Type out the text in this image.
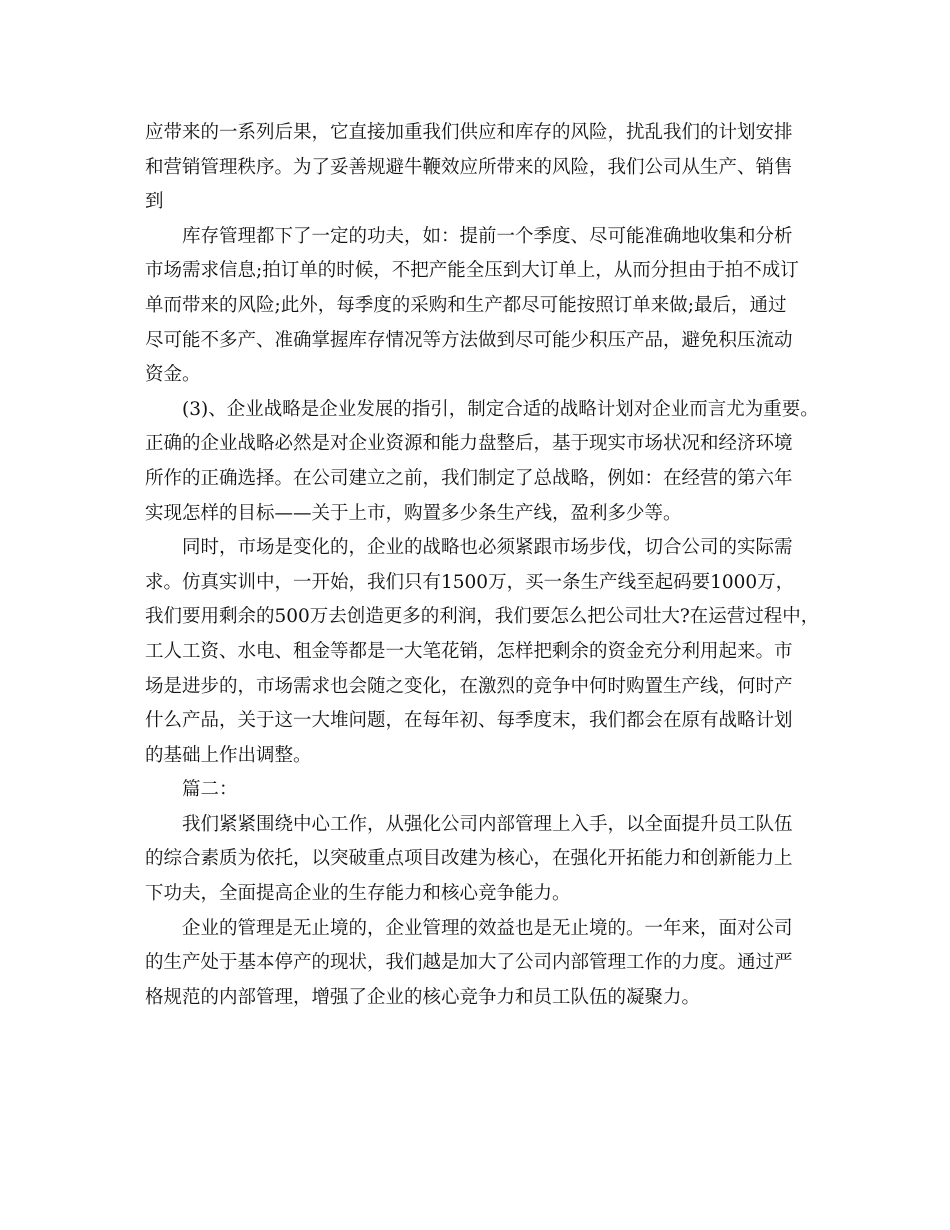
应带来的一系列后果，它直接加重我们供应和库存的风险，扰乱我们的计划安排
和营销管理秩序。为了妥善规避牛鞭效应所带来的风险，我们公司从生产、销售
到
库存管理都下了一定的功夫，如：提前一个季度、尽可能准确地收集和分析
市场需求信息;拍订单的时候，不把产能全压到大订单上，从而分担由于拍不成订
单而带来的风险;此外，每季度的采购和生产都尽可能按照订单来做;最后，通过
尽可能不多产、准确掌握库存情况等方法做到尽可能少积压产品，避免积压流动
资金。
(3)、企业战略是企业发展的指引，制定合适的战略计划对企业而言尤为重要。
正确的企业战略必然是对企业资源和能力盘整后，基于现实市场状况和经济环境
所作的正确选择。在公司建立之前，我们制定了总战略，例如：在经营的第六年
实现怎样的目标——关于上市，购置多少条生产线，盈利多少等。
同时，市场是变化的，企业的战略也必须紧跟市场步伐，切合公司的实际需
求。仿真实训中，一开始，我们只有1500万，买一条生产线至起码要1000万，
我们要用剩余的500万去创造更多的利润，我们要怎么把公司壮大?在运营过程中，
工人工资、水电、租金等都是一大笔花销，怎样把剩余的资金充分利用起来。市
场是进步的，市场需求也会随之变化，在激烈的竞争中何时购置生产线，何时产
什么产品，关于这一大堆问题，在每年初、每季度末，我们都会在原有战略计划
的基础上作出调整。
篇二：
我们紧紧围绕中心工作，从强化公司内部管理上入手，以全面提升员工队伍
的综合素质为依托，以突破重点项目改建为核心，在强化开拓能力和创新能力上
下功夫，全面提高企业的生存能力和核心竞争能力。
企业的管理是无止境的，企业管理的效益也是无止境的。一年来，面对公司
的生产处于基本停产的现状，我们越是加大了公司内部管理工作的力度。通过严
格规范的内部管理，增强了企业的核心竞争力和员工队伍的凝聚力。
